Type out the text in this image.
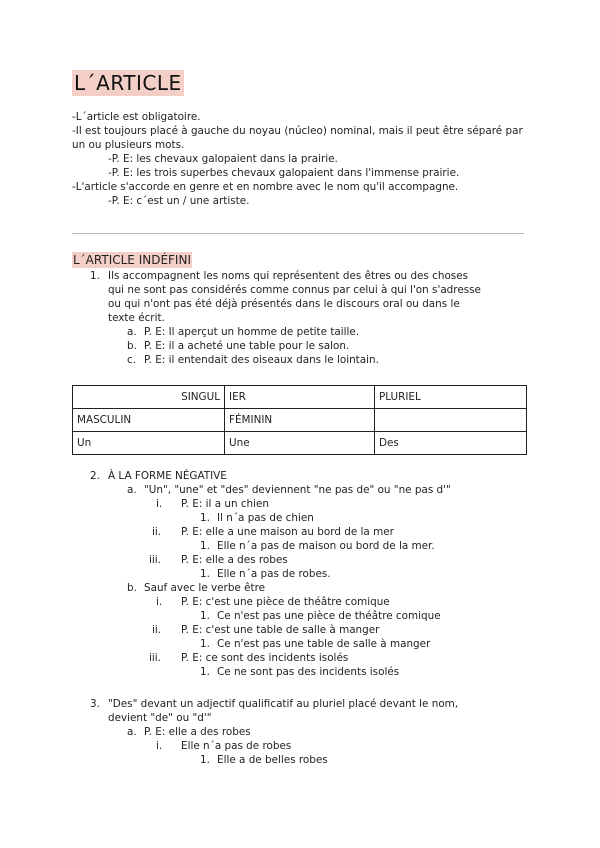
L´ARTICLE

-L´article est obligatoire.

-Il est toujours placé à gauche du noyau (núcleo) nominal, mais il peut être séparé par un ou plusieurs mots.

-P. E: les chevaux galopaient dans la prairie.

-P. E: les trois superbes chevaux galopaient dans l'immense prairie.

-L'article s'accorde en genre et en nombre avec le nom qu'il accompagne.

-P. E: c´est un / une artiste.

L´ARTICLE INDÉFINI
1. Ils accompagnent les noms qui représentent des êtres ou des choses
qui ne sont pas considérés comme connus par celui à qui l'on s'adresse
ou qui n'ont pas été déjà présentés dans le discours oral ou dans le
texte écrit.
a. P. E: Il aperçut un homme de petite taille.
b. P. E: il a acheté une table pour le salon.
c. P. E: il entendait des oiseaux dans le lointain.
SINGUL	IER	PLURIEL
MASCULIN	FÉMININ	
Un	Une	Des
2. À LA FORME NÉGATIVE
a. "Un", "une" et "des" deviennent "ne pas de" ou "ne pas d'"
i. P. E: il a un chien
1. Il n´a pas de chien
ii. P. E: elle a une maison au bord de la mer
1. Elle n´a pas de maison ou bord de la mer.
iii. P. E: elle a des robes
1. Elle n´a pas de robes.
b. Sauf avec le verbe être
i. P. E: c'est une pièce de théâtre comique
1. Ce n'est pas une pièce de théâtre comique
ii. P. E: c'est une table de salle à manger
1. Ce n'est pas une table de salle à manger
iii. P. E: ce sont des incidents isolés
1. Ce ne sont pas des incidents isolés
3. "Des" devant un adjectif qualificatif au pluriel placé devant le nom,
devient "de" ou "d'"
a. P. E: elle a des robes
i. Elle n´a pas de robes
1. Elle a de belles robes
